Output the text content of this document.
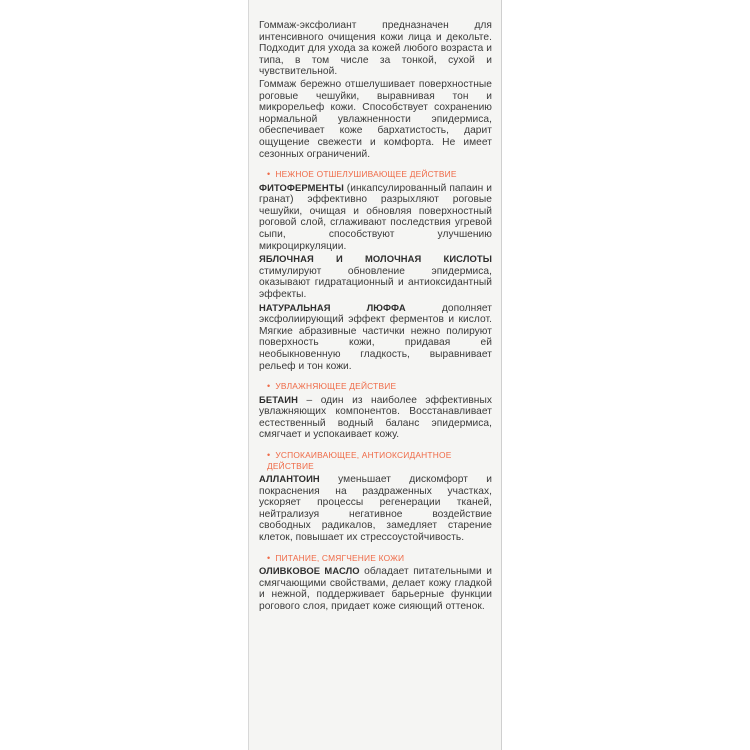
Гоммаж-эксфолиант предназначен для интенсивного очищения кожи лица и декольте. Подходит для ухода за кожей любого возраста и типа, в том числе за тонкой, сухой и чувствительной.

Гоммаж бережно отшелушивает поверхностные роговые чешуйки, выравнивая тон и микрорельеф кожи. Способствует сохранению нормальной увлажненности эпидермиса, обеспечивает коже бархатистость, дарит ощущение свежести и комфорта. Не имеет сезонных ограничений.

• НЕЖНОЕ ОТШЕЛУШИВАЮЩЕЕ ДЕЙСТВИЕ

ФИТОФЕРМЕНТЫ (инкапсулированный папаин и гранат) эффективно разрыхляют роговые чешуйки, очищая и обновляя поверхностный роговой слой, сглаживают последствия угревой сыпи, способствуют улучшению микроциркуляции.

ЯБЛОЧНАЯ И МОЛОЧНАЯ КИСЛОТЫ стимулируют обновление эпидермиса, оказывают гидратационный и антиоксидантный эффекты.

НАТУРАЛЬНАЯ ЛЮФФА дополняет эксфолиирующий эффект ферментов и кислот. Мягкие абразивные частички нежно полируют поверхность кожи, придавая ей необыкновенную гладкость, выравнивает рельеф и тон кожи.

• УВЛАЖНЯЮЩЕЕ ДЕЙСТВИЕ

БЕТАИН – один из наиболее эффективных увлажняющих компонентов. Восстанавливает естественный водный баланс эпидермиса, смягчает и успокаивает кожу.

• УСПОКАИВАЮЩЕЕ, АНТИОКСИДАНТНОЕ ДЕЙСТВИЕ

АЛЛАНТОИН уменьшает дискомфорт и покраснения на раздраженных участках, ускоряет процессы регенерации тканей, нейтрализуя негативное воздействие свободных радикалов, замедляет старение клеток, повышает их стрессоустойчивость.

• ПИТАНИЕ, СМЯГЧЕНИЕ КОЖИ

ОЛИВКОВОЕ МАСЛО обладает питательными и смягчающими свойствами, делает кожу гладкой и нежной, поддерживает барьерные функции рогового слоя, придает коже сияющий оттенок.
